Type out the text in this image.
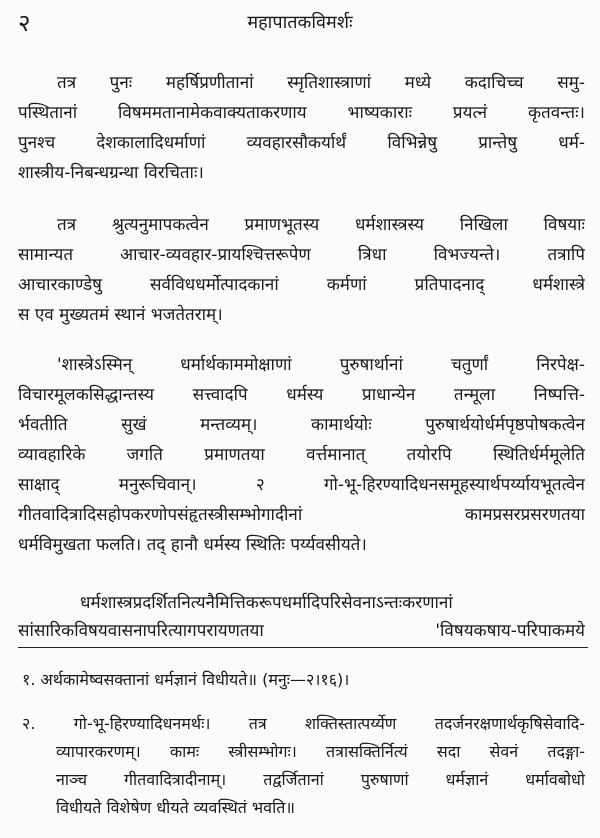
२	महापातकविमर्शः
तत्र पुनः महर्षिप्रणीतानां स्मृतिशास्त्राणां मध्ये कदाचिच्च समु-
पस्थितानां विषममतानामेकवाक्यताकरणाय भाष्यकाराः प्रयत्नं कृतवन्तः।
पुनश्च देशकालादिधर्माणां व्यवहारसौकर्यार्थं विभिन्नेषु प्रान्तेषु धर्म-
शास्त्रीय-निबन्धग्रन्था विरचिताः।
तत्र श्रुत्यनुमापकत्वेन प्रमाणभूतस्य धर्मशास्त्रस्य निखिला विषयाः
सामान्यत आचार-व्यवहार-प्रायश्चित्तरूपेण त्रिधा विभज्यन्ते। तत्रापि
आचारकाण्डेषु सर्वविधधर्मोत्पादकानां कर्मणां प्रतिपादनाद् धर्मशास्त्रे
स एव मुख्यतमं स्थानं भजतेतराम्।
'शास्त्रेऽस्मिन् धर्मार्थकाममोक्षाणां पुरुषार्थानां चतुर्णां निरपेक्ष-
विचारमूलकसिद्धान्तस्य सत्त्वादपि धर्मस्य प्राधान्येन तन्मूला निष्पत्ति-
र्भवतीति सुखं मन्तव्यम्। कामार्थयोः पुरुषार्थयोर्धर्मपृष्ठपोषकत्वेन
व्यावहारिके जगति प्रमाणतया वर्त्तमानात् तयोरपि स्थितिर्धर्ममूलेति
साक्षाद् मनुरूचिवान्। २ गो-भू-हिरण्यादिधनसमूहस्यार्थपर्य्यायभूतत्वेन
गीतवादित्रादिसहोपकरणोपसंहृतस्त्रीसम्भोगादीनां कामप्रसरप्रसरणतया
धर्मविमुखता फलति। तद् हानौ धर्मस्य स्थितिः पर्य्यवसीयते।
धर्मशास्त्रप्रदर्शितनित्यनैमित्तिकरूपधर्मादिपरिसेवनाऽन्तःकरणानां
सांसारिकविषयवासनापरित्यागपरायणतया 'विषयकषाय-परिपाकमये
१. अर्थकामेष्वसक्तानां धर्मज्ञानं विधीयते॥ (मनुः—२।१६)।
२. गो-भू-हिरण्यादिधनमर्थः। तत्र शक्तिस्तात्पर्य्येण तदर्जनरक्षणार्थकृषिसेवादि-
व्यापारकरणम्। कामः स्त्रीसम्भोगः। तत्रासक्तिर्नित्यं सदा सेवनं तदङ्गा-
नाञ्च गीतवादित्रादीनाम्। तद्वर्जितानां पुरुषाणां धर्मज्ञानं धर्मावबोधो
विधीयते विशेषेण धीयते व्यवस्थितं भवति॥
